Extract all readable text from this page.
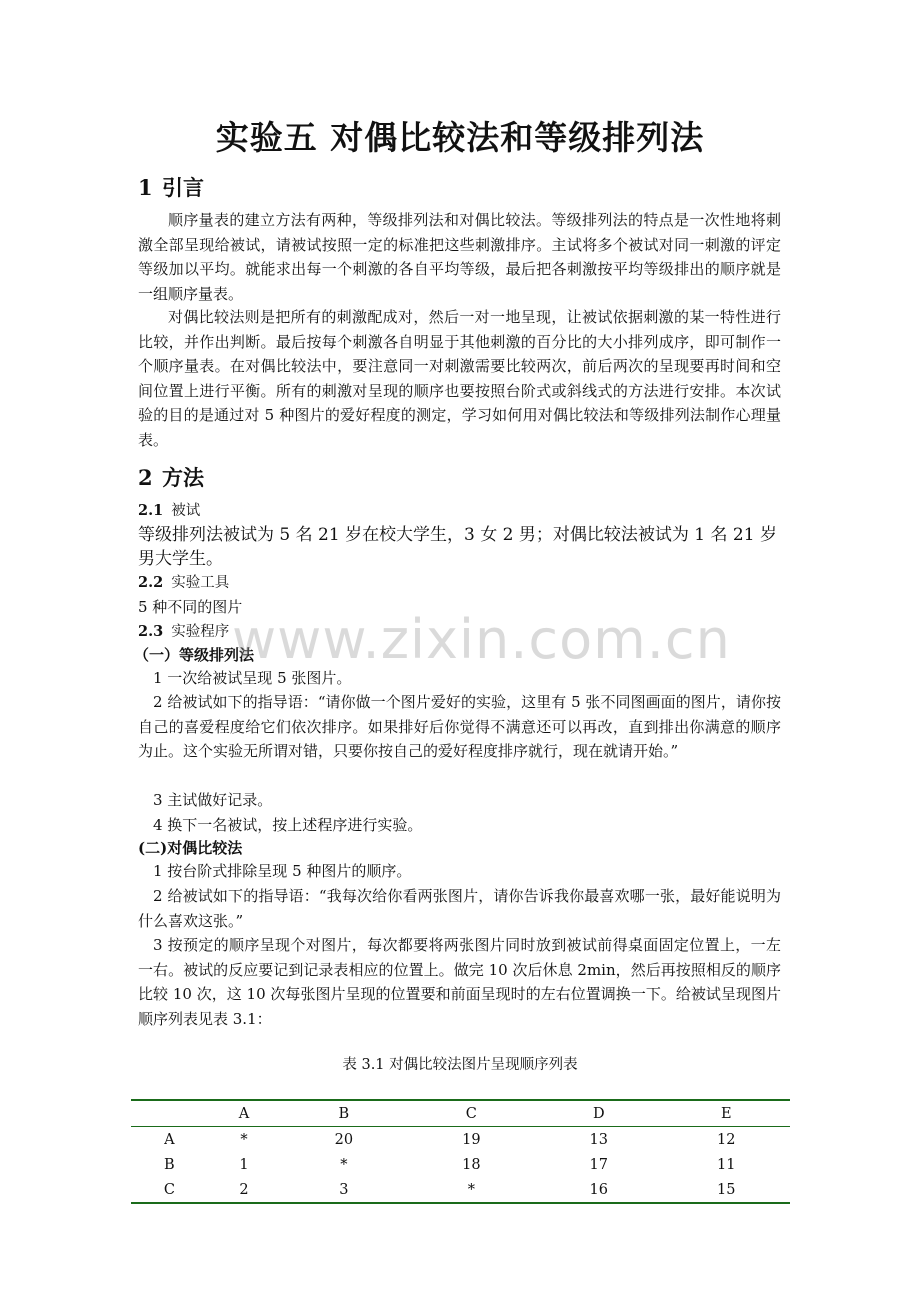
实验五 对偶比较法和等级排列法
1 引言

顺序量表的建立方法有两种，等级排列法和对偶比较法。等级排列法的特点是一次性地将刺激全部呈现给被试，请被试按照一定的标准把这些刺激排序。主试将多个被试对同一刺激的评定等级加以平均。就能求出每一个刺激的各自平均等级，最后把各刺激按平均等级排出的顺序就是一组顺序量表。

对偶比较法则是把所有的刺激配成对，然后一对一地呈现，让被试依据刺激的某一特性进行比较，并作出判断。最后按每个刺激各自明显于其他刺激的百分比的大小排列成序，即可制作一个顺序量表。在对偶比较法中，要注意同一对刺激需要比较两次，前后两次的呈现要再时间和空间位置上进行平衡。所有的刺激对呈现的顺序也要按照台阶式或斜线式的方法进行安排。本次试验的目的是通过对 5 种图片的爱好程度的测定，学习如何用对偶比较法和等级排列法制作心理量表。

2 方法
2.1 被试

等级排列法被试为 5 名 21 岁在校大学生，3 女 2 男；对偶比较法被试为 1 名 21 岁男大学生。

2.2 实验工具

5 种不同的图片

2.3 实验程序

（一）等级排列法

1 一次给被试呈现 5 张图片。

2 给被试如下的指导语：“请你做一个图片爱好的实验，这里有 5 张不同图画面的图片，请你按自己的喜爱程度给它们依次排序。如果排好后你觉得不满意还可以再改，直到排出你满意的顺序为止。这个实验无所谓对错，只要你按自己的爱好程度排序就行，现在就请开始。”

3 主试做好记录。

4 换下一名被试，按上述程序进行实验。

(二)对偶比较法

1 按台阶式排除呈现 5 种图片的顺序。

2 给被试如下的指导语：“我每次给你看两张图片，请你告诉我你最喜欢哪一张，最好能说明为什么喜欢这张。”

3 按预定的顺序呈现个对图片，每次都要将两张图片同时放到被试前得桌面固定位置上，一左一右。被试的反应要记到记录表相应的位置上。做完 10 次后休息 2min，然后再按照相反的顺序比较 10 次，这 10 次每张图片呈现的位置要和前面呈现时的左右位置调换一下。给被试呈现图片顺序列表见表 3.1：

表 3.1 对偶比较法图片呈现顺序列表
	A	B	C	D	E
A	*	20	19	13	12
B	1	*	18	17	11
C	2	3	*	16	15
www.zixin.com.cn
